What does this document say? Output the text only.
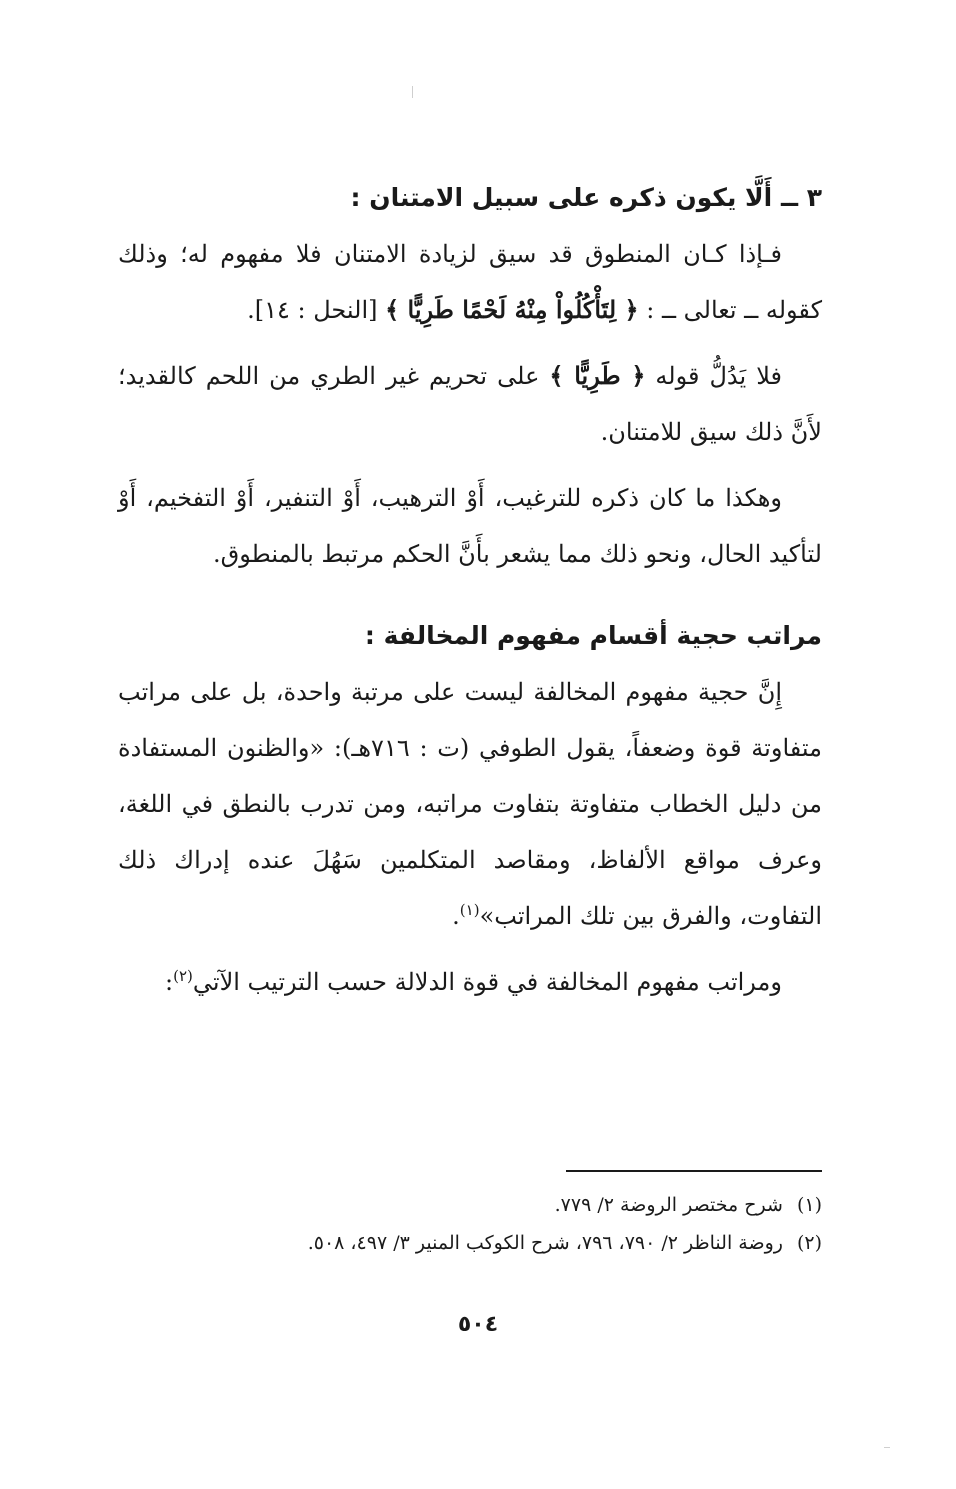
٣ ــ أَلَّا يكون ذكره على سبيل الامتنان :

فـإذا كـان المنطوق قد سيق لزيادة الامتنان فلا مفهوم له؛ وذلك كقوله ــ تعالى ــ : ﴿ لِتَأْكُلُواْ مِنْهُ لَحْمًا طَرِيًّا ﴾ [النحل : ١٤].

فلا يَدُلُّ قوله ﴿ طَرِيًّا ﴾ على تحريم غير الطري من اللحم كالقديد؛ لأَنَّ ذلك سيق للامتنان.

وهكذا ما كان ذكره للترغيب، أَوْ الترهيب، أَوْ التنفير، أَوْ التفخيم، أَوْ لتأكيد الحال، ونحو ذلك مما يشعر بأَنَّ الحكم مرتبط بالمنطوق.

مراتب حجية أقسام مفهوم المخالفة :

إِنَّ حجية مفهوم المخالفة ليست على مرتبة واحدة، بل على مراتب متفاوتة قوة وضعفاً، يقول الطوفي (ت : ٧١٦هـ): «والظنون المستفادة من دليل الخطاب متفاوتة بتفاوت مراتبه، ومن تدرب بالنطق في اللغة، وعرف مواقع الألفاظ، ومقاصد المتكلمين سَهُلَ عنده إدراك ذلك التفاوت، والفرق بين تلك المراتب»$^{(١)}$.

ومراتب مفهوم المخالفة في قوة الدلالة حسب الترتيب الآتي$^{(٢)}$:

(١)شرح مختصر الروضة ٢/ ٧٧٩.

(٢)روضة الناظر ٢/ ٧٩٠، ٧٩٦، شرح الكوكب المنير ٣/ ٤٩٧، ٥٠٨.

٥٠٤
